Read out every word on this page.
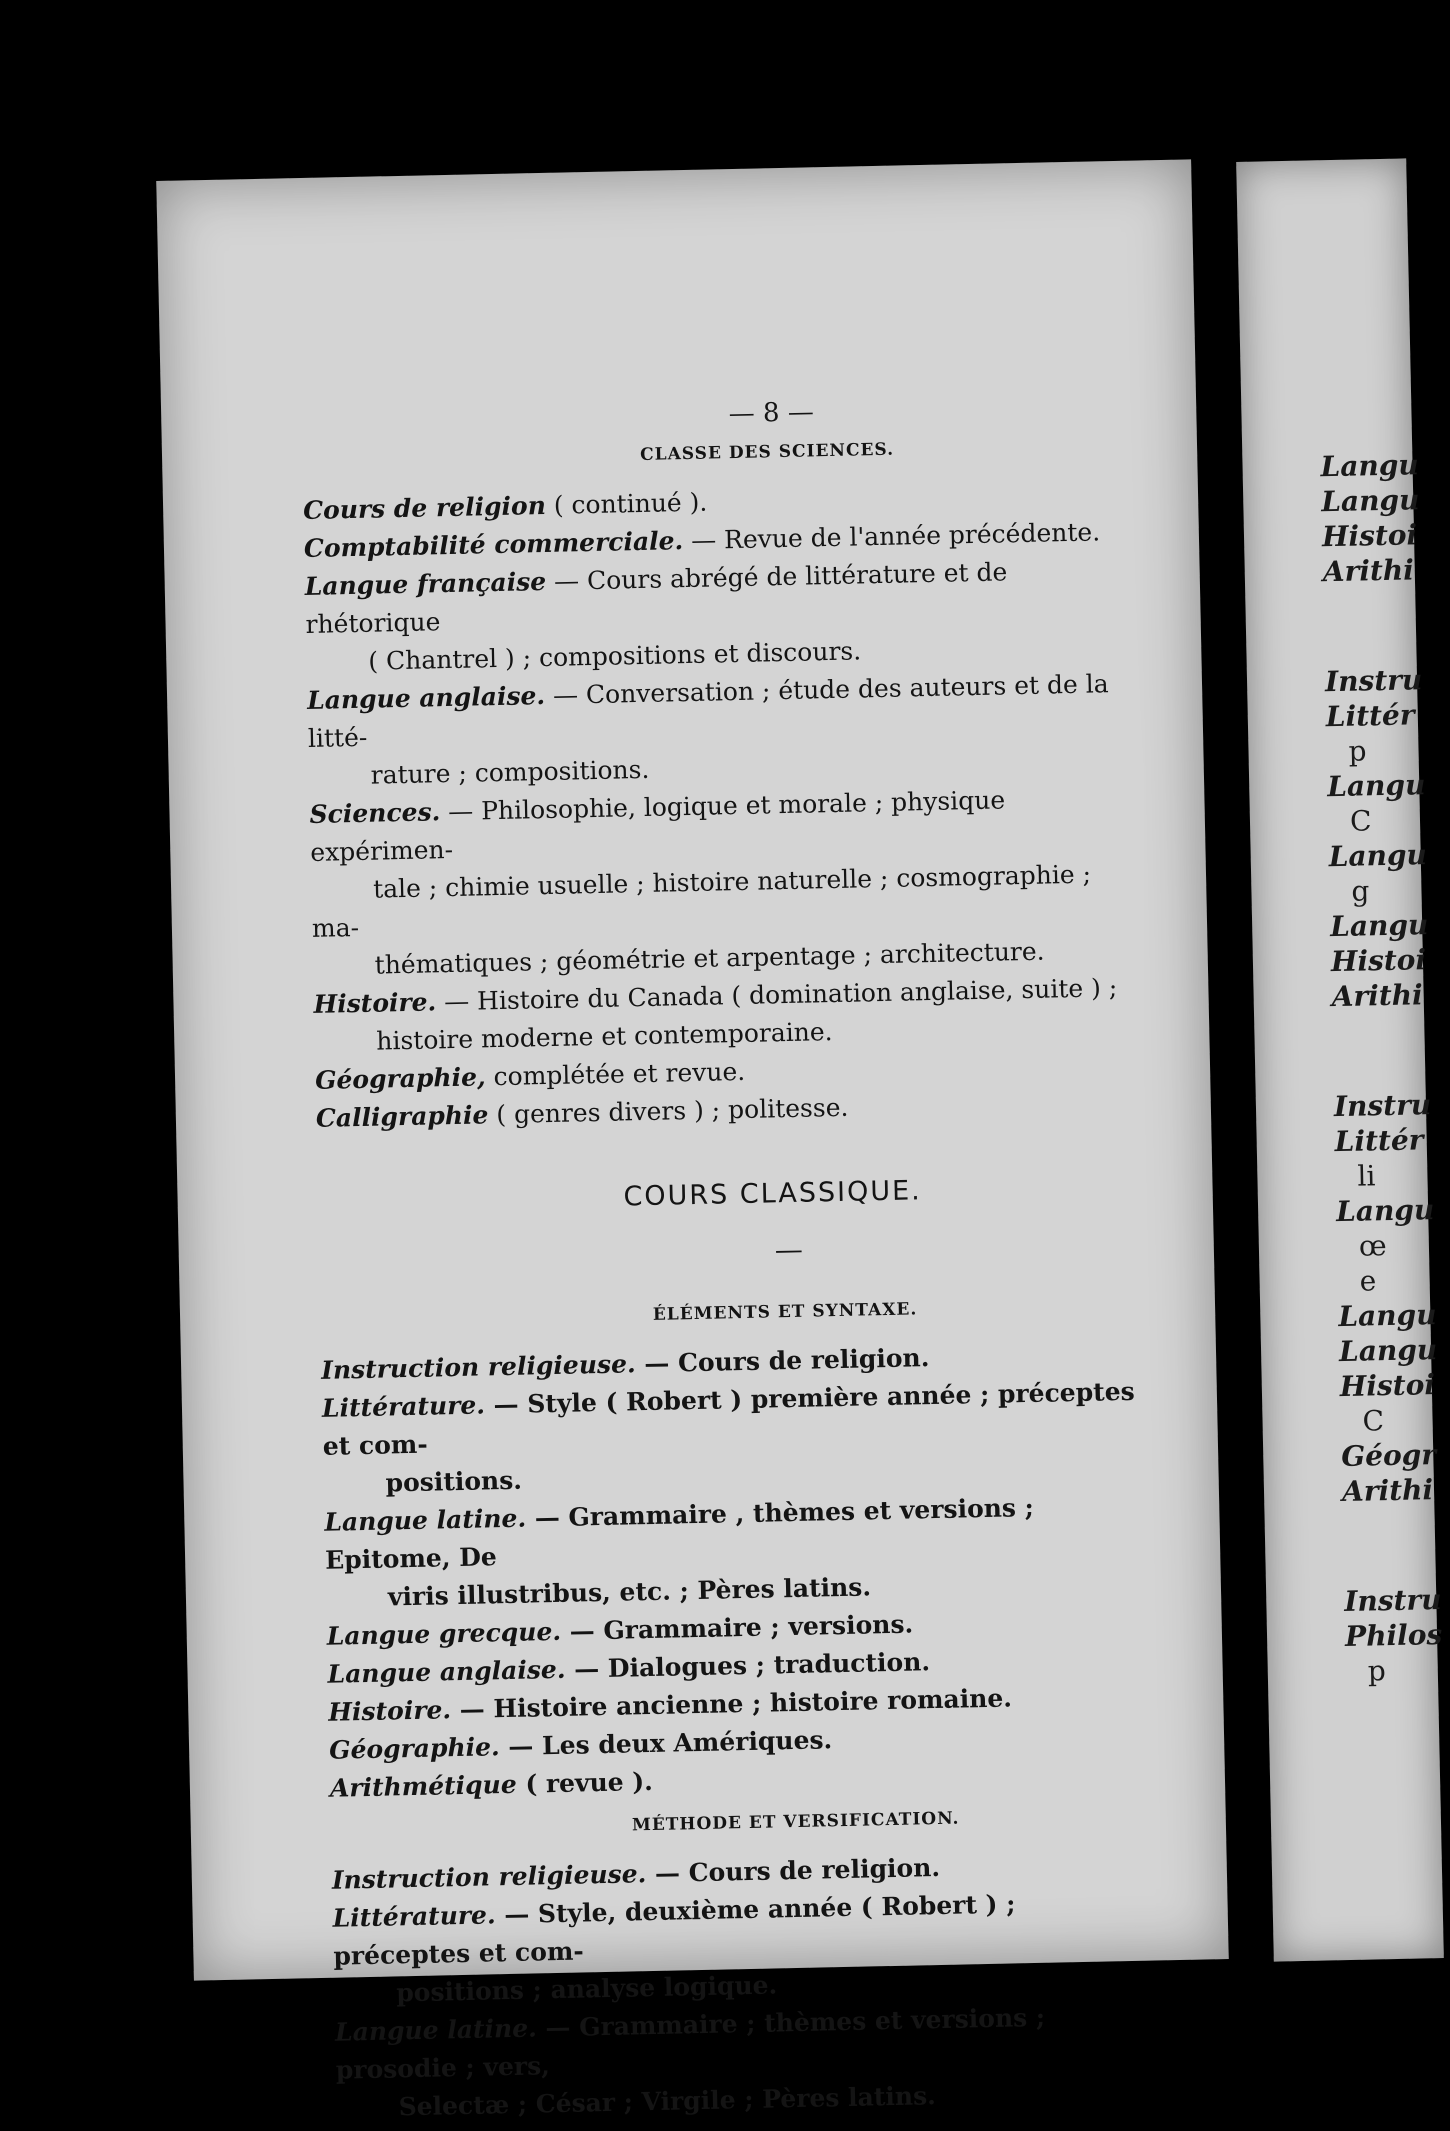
— 8 —
CLASSE DES SCIENCES.

Cours de religion ( continué ).

Comptabilité commerciale. — Revue de l'année précédente.

Langue française — Cours abrégé de littérature et de rhétorique

( Chantrel ) ; compositions et discours.

Langue anglaise. — Conversation ; étude des auteurs et de la litté-

rature ; compositions.

Sciences. — Philosophie, logique et morale ; physique expérimen-

tale ; chimie usuelle ; histoire naturelle ; cosmographie ; ma-

thématiques ; géométrie et arpentage ; architecture.

Histoire. — Histoire du Canada ( domination anglaise, suite ) ;

histoire moderne et contemporaine.

Géographie, complétée et revue.

Calligraphie ( genres divers ) ; politesse.

COURS CLASSIQUE.
—
ÉLÉMENTS ET SYNTAXE.

Instruction religieuse. — Cours de religion.

Littérature. — Style ( Robert ) première année ; préceptes et com-

positions.

Langue latine. — Grammaire , thèmes et versions ; Epitome, De

viris illustribus, etc. ; Pères latins.

Langue grecque. — Grammaire ; versions.

Langue anglaise. — Dialogues ; traduction.

Histoire. — Histoire ancienne ; histoire romaine.

Géographie. — Les deux Amériques.

Arithmétique ( revue ).

MÉTHODE ET VERSIFICATION.

Instruction religieuse. — Cours de religion.

Littérature. — Style, deuxième année ( Robert ) ; préceptes et com-

positions ; analyse logique.

Langue latine. — Grammaire ; thèmes et versions ; prosodie ; vers,

Selectæ ; César ; Virgile ; Pères latins.

Langu
Langu
Histoi
Arithi
Instru
Littér
p
Langu
C
Langu
g
Langu
Histoi
Arithi
Instru
Littér
li
Langu
œ
e
Langu
Langu
Histoi
C
Géogr
Arithi
Instru
Philos
p
